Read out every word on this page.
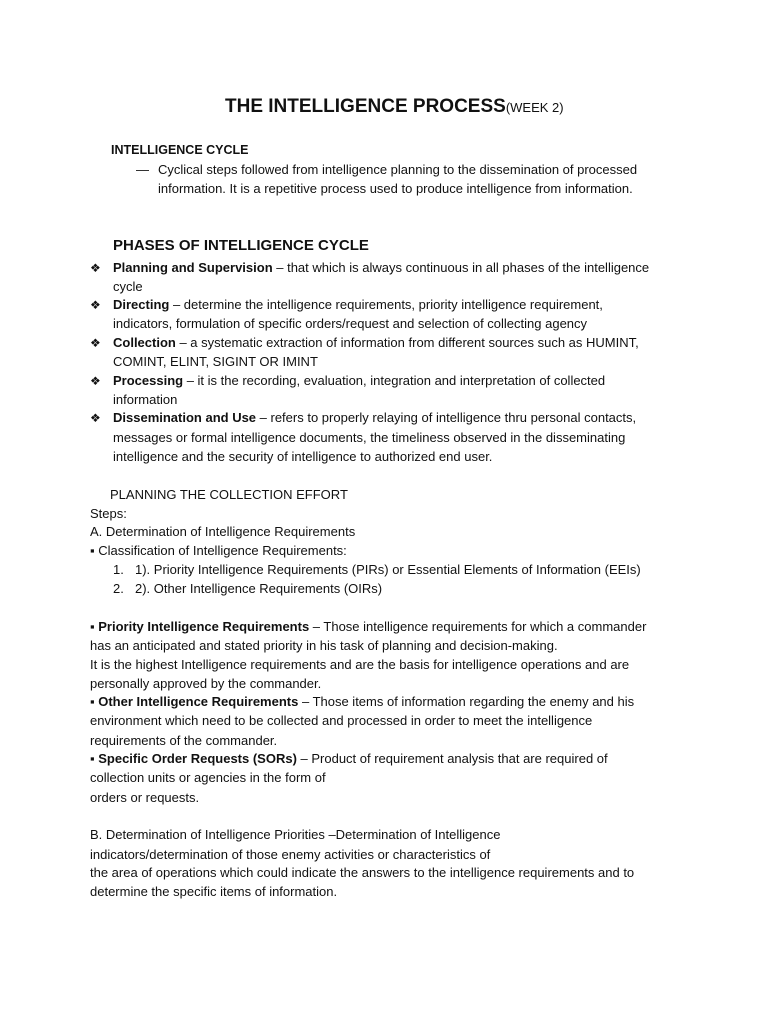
THE INTELLIGENCE PROCESS(WEEK 2)
INTELLIGENCE CYCLE
— Cyclical steps followed from intelligence planning to the dissemination of processed
information. It is a repetitive process used to produce intelligence from information.
PHASES OF INTELLIGENCE CYCLE
❖ Planning and Supervision – that which is always continuous in all phases of the intelligence
cycle
❖ Directing – determine the intelligence requirements, priority intelligence requirement,
indicators, formulation of specific orders/request and selection of collecting agency
❖ Collection – a systematic extraction of information from different sources such as HUMINT,
COMINT, ELINT, SIGINT OR IMINT
❖ Processing – it is the recording, evaluation, integration and interpretation of collected
information
❖ Dissemination and Use – refers to properly relaying of intelligence thru personal contacts,
messages or formal intelligence documents, the timeliness observed in the disseminating
intelligence and the security of intelligence to authorized end user.
PLANNING THE COLLECTION EFFORT
Steps:
A. Determination of Intelligence Requirements
▪ Classification of Intelligence Requirements:
1. 1). Priority Intelligence Requirements (PIRs) or Essential Elements of Information (EEIs)
2. 2). Other Intelligence Requirements (OIRs)
▪ Priority Intelligence Requirements – Those intelligence requirements for which a commander
has an anticipated and stated priority in his task of planning and decision-making.
It is the highest Intelligence requirements and are the basis for intelligence operations and are
personally approved by the commander.
▪ Other Intelligence Requirements – Those items of information regarding the enemy and his
environment which need to be collected and processed in order to meet the intelligence
requirements of the commander.
▪ Specific Order Requests (SORs) – Product of requirement analysis that are required of
collection units or agencies in the form of
orders or requests.
B. Determination of Intelligence Priorities –Determination of Intelligence
indicators/determination of those enemy activities or characteristics of
the area of operations which could indicate the answers to the intelligence requirements and to
determine the specific items of information.
